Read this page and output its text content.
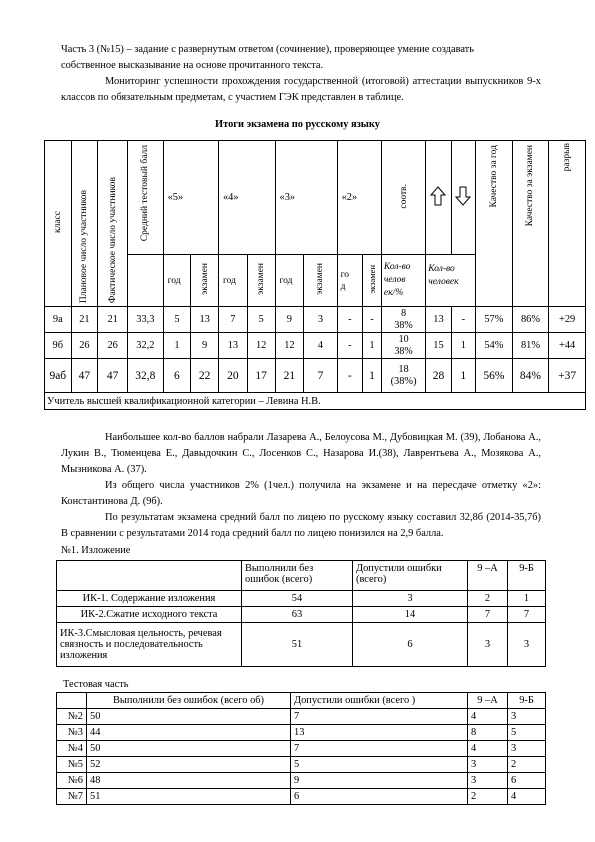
Часть 3 (№15) – задание с развернутым ответом (сочинение), проверяющее умение создавать
собственное высказывание на основе прочитанного текста.
Мониторинг успешности прохождения государственной (итоговой) аттестации выпускников 9-х классов по обязательным предметам, с участием ГЭК представлен в таблице.
Итоги экзамена по русскому языку
класс	Плановое число участников	Фактическое число участников	Средний тестовый балл	«5»		«4»		«3»		«2»		соотв.			Качество за год	Качество за экзамен	разрыв
				год	экзамен	год	экзамен	год	экзамен	го
д	экзамен	Кол-во челов ек/%	Кол-во человек				
9а	21	21	33,3	5	13	7	5	9	3	-	-	8
38%	13	-	57%	86%	+29
9б	26	26	32,2	1	9	13	12	12	4	-	1	10
38%	15	1	54%	81%	+44
9аб	47	47	32,8	6	22	20	17	21	7	-	1	18
(38%)	28	1	56%	84%	+37
Учитель высшей квалификационной категории – Левина Н.В.																	
Наибольшее кол-во баллов набрали Лазарева А., Белоусова М., Дубовицкая М. (39), Лобанова А., Лукин В., Тюменцева Е., Давыдочкин С., Лосенков С., Назарова И.(38), Лаврентьева А., Мозякова А., Мызникова А. (37).
Из общего числа участников 2% (1чел.) получила на экзамене и на пересдаче отметку «2»: Константинова Д. (9б).
По результатам экзамена средний балл по лицею по русскому языку составил 32,8б (2014-35,7б) В сравнении с результатами 2014 года средний балл по лицею понизился на 2,9 балла.
№1. Изложение
	Выполнили без ошибок (всего)	Допустили ошибки (всего)	9 –А	9-Б
ИК-1. Содержание изложения	54	3	2	1
ИК-2.Сжатие исходного текста	63	14	7	7
ИК-3.Смысловая цельность, речевая связность и последовательность изложения	51	6	3	3
Тестовая часть
	Выполнили без ошибок (всего об)	Допустили ошибки (всего )	9 –А	9-Б
№2	50	7	4	3
№3	44	13	8	5
№4	50	7	4	3
№5	52	5	3	2
№6	48	9	3	6
№7	51	6	2	4
